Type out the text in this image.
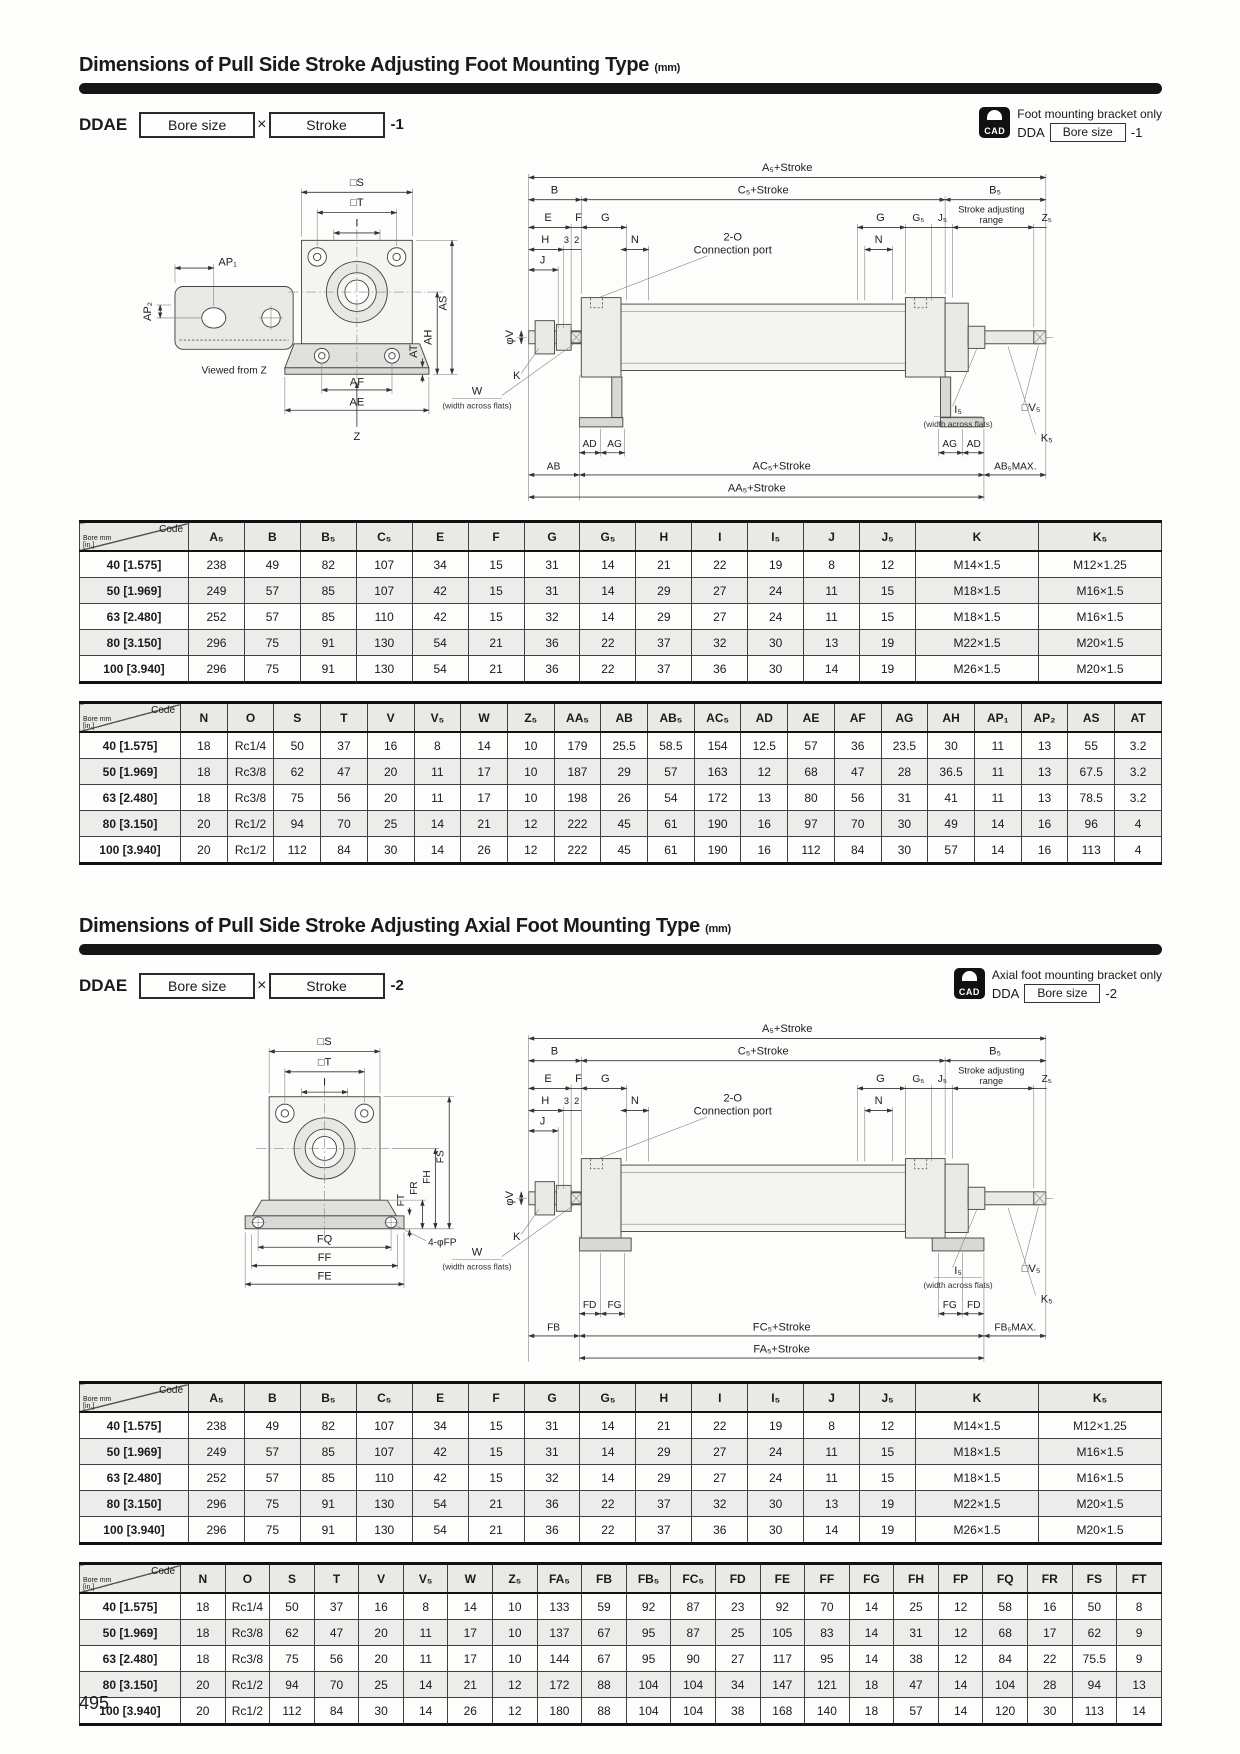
Dimensions of Pull Side Stroke Adjusting Foot Mounting Type (mm)
DDAE	Bore size	×	Stroke	-1	CAD
Foot mounting bracket only
DDA	Bore size	-1
AP₁
AP₂
Viewed from Z
□S
□T
I
AS
AH
AT
AF
AE
Z
A₅+Stroke
B	C₅+Stroke	B₅
E F G	G	G₅ J₅
Stroke adjusting
range	Z₅
H 3 2	N	N
2-O
Connection port
J
φV
K
W
(width across flats)	I₅
(width across flats)
□V₅
K₅
AD AG	AG AD
AB	AC₅+Stroke	AB₅MAX.
AA₅+Stroke
Code
Bore mm [in.]	A₅	B	B₅	C₅	E	F	G	G₅	H	I	I₅	J	J₅	K	K₅
40 [1.575]	238	49	82	107	34	15	31	14	21	22	19	8	12	M14×1.5	M12×1.25
50 [1.969]	249	57	85	107	42	15	31	14	29	27	24	11	15	M18×1.5	M16×1.5
63 [2.480]	252	57	85	110	42	15	32	14	29	27	24	11	15	M18×1.5	M16×1.5
80 [3.150]	296	75	91	130	54	21	36	22	37	32	30	13	19	M22×1.5	M20×1.5
100 [3.940]	296	75	91	130	54	21	36	22	37	36	30	14	19	M26×1.5	M20×1.5
Code
Bore mm [in.]	N	O	S	T	V	V₅	W	Z₅	AA₅	AB	AB₅	AC₅	AD	AE	AF	AG	AH	AP₁	AP₂	AS	AT
40 [1.575]	18	Rc1/4	50	37	16	8	14	10	179	25.5	58.5	154	12.5	57	36	23.5	30	11	13	55	3.2
50 [1.969]	18	Rc3/8	62	47	20	11	17	10	187	29	57	163	12	68	47	28	36.5	11	13	67.5	3.2
63 [2.480]	18	Rc3/8	75	56	20	11	17	10	198	26	54	172	13	80	56	31	41	11	13	78.5	3.2
80 [3.150]	20	Rc1/2	94	70	25	14	21	12	222	45	61	190	16	97	70	30	49	14	16	96	4
100 [3.940]	20	Rc1/2	112	84	30	14	26	12	222	45	61	190	16	112	84	30	57	14	16	113	4
Dimensions of Pull Side Stroke Adjusting Axial Foot Mounting Type (mm)
DDAE	Bore size	×	Stroke	-2	CAD
Axial foot mounting bracket only
DDA	Bore size	-2
□S
□T
I
FT
FR
FH
FS
FQ
FF
FE
4-φFP
A₅+Stroke
B	C₅+Stroke	B₅
E F G	G	G₅ J₅
Stroke adjusting
range	Z₅
H 3 2	N	N
2-O
Connection port
J
φV
K
W
(width across flats)	I₅
(width across flats)
□V₅
K₅
FD FG	FG FD
FB	FC₅+Stroke	FB₅MAX.
FA₅+Stroke
Code
Bore mm [in.]	A₅	B	B₅	C₅	E	F	G	G₅	H	I	I₅	J	J₅	K	K₅
40 [1.575]	238	49	82	107	34	15	31	14	21	22	19	8	12	M14×1.5	M12×1.25
50 [1.969]	249	57	85	107	42	15	31	14	29	27	24	11	15	M18×1.5	M16×1.5
63 [2.480]	252	57	85	110	42	15	32	14	29	27	24	11	15	M18×1.5	M16×1.5
80 [3.150]	296	75	91	130	54	21	36	22	37	32	30	13	19	M22×1.5	M20×1.5
100 [3.940]	296	75	91	130	54	21	36	22	37	36	30	14	19	M26×1.5	M20×1.5
Code
Bore mm [in.]	N	O	S	T	V	V₅	W	Z₅	FA₅	FB	FB₅	FC₅	FD	FE	FF	FG	FH	FP	FQ	FR	FS	FT
40 [1.575]	18	Rc1/4	50	37	16	8	14	10	133	59	92	87	23	92	70	14	25	12	58	16	50	8
50 [1.969]	18	Rc3/8	62	47	20	11	17	10	137	67	95	87	25	105	83	14	31	12	68	17	62	9
63 [2.480]	18	Rc3/8	75	56	20	11	17	10	144	67	95	90	27	117	95	14	38	12	84	22	75.5	9
80 [3.150]	20	Rc1/2	94	70	25	14	21	12	172	88	104	104	34	147	121	18	47	14	104	28	94	13
100 [3.940]	20	Rc1/2	112	84	30	14	26	12	180	88	104	104	38	168	140	18	57	14	120	30	113	14
495
